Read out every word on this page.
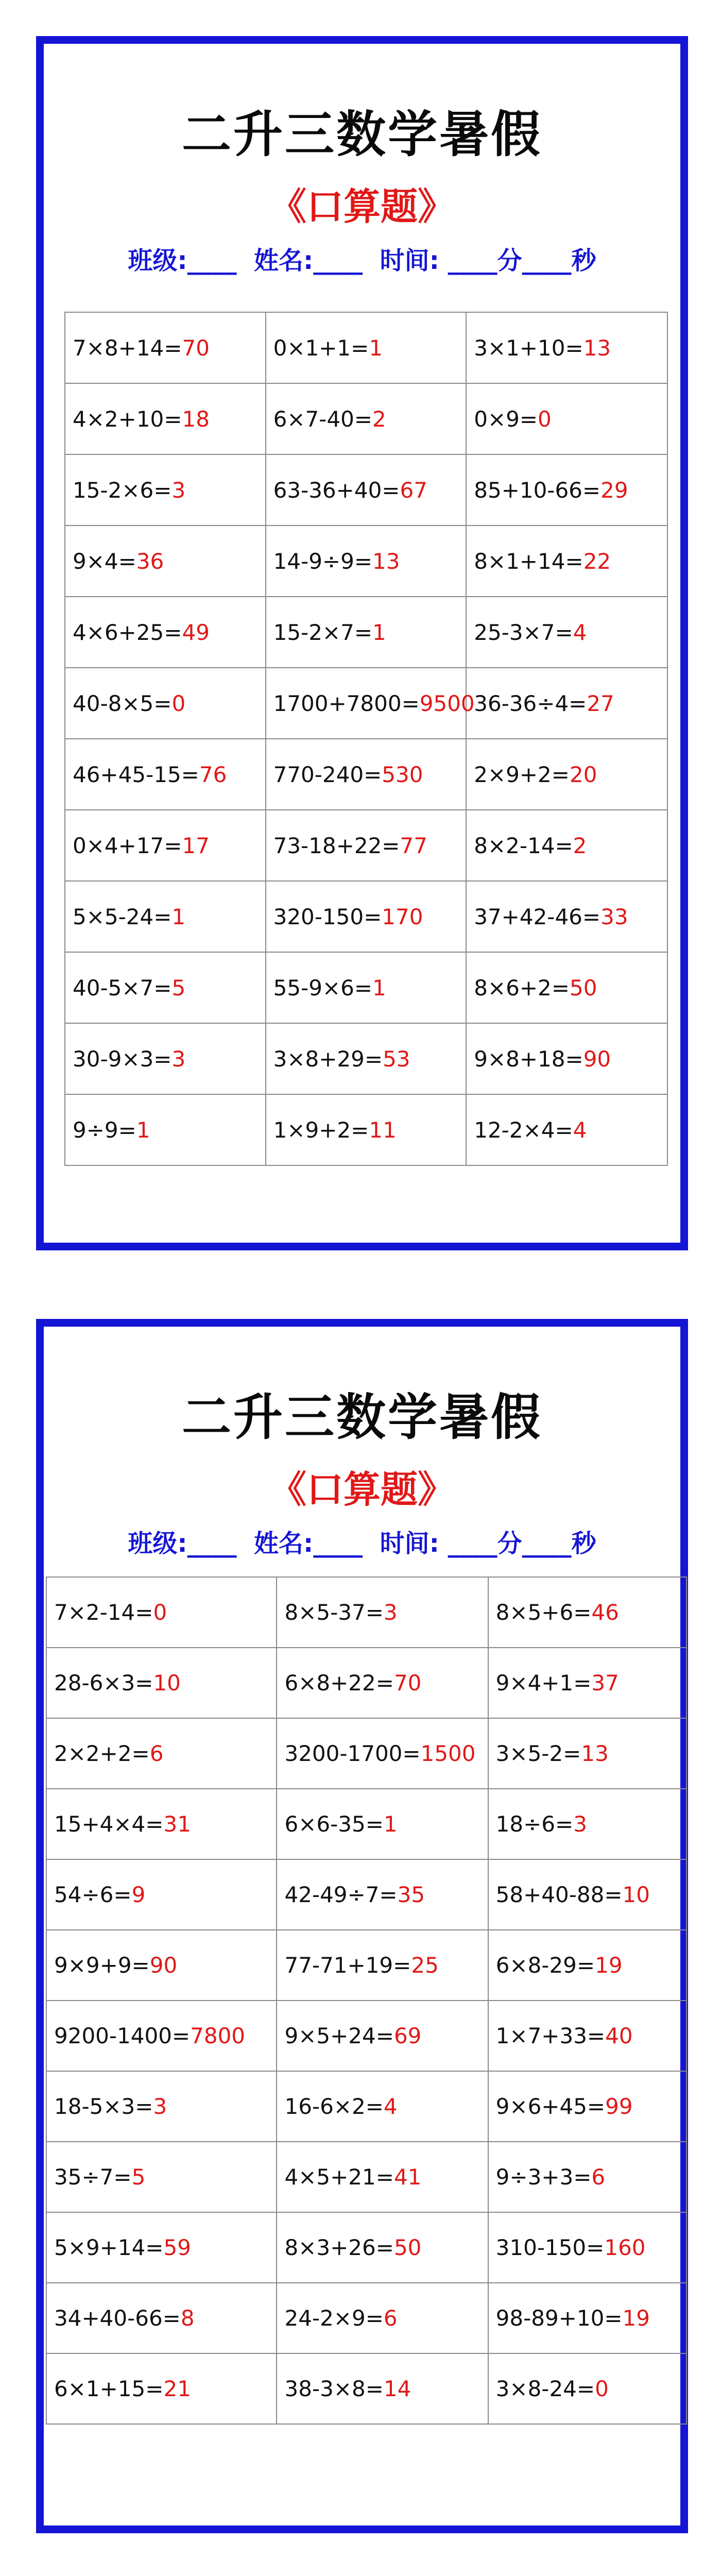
二升三数学暑假
《口算题》
班级:____  姓名:____  时间: ____分____秒
7×8+14=70	0×1+1=1	3×1+10=13
4×2+10=18	6×7-40=2	0×9=0
15-2×6=3	63-36+40=67	85+10-66=29
9×4=36	14-9÷9=13	8×1+14=22
4×6+25=49	15-2×7=1	25-3×7=4
40-8×5=0	1700+7800=9500	36-36÷4=27
46+45-15=76	770-240=530	2×9+2=20
0×4+17=17	73-18+22=77	8×2-14=2
5×5-24=1	320-150=170	37+42-46=33
40-5×7=5	55-9×6=1	8×6+2=50
30-9×3=3	3×8+29=53	9×8+18=90
9÷9=1	1×9+2=11	12-2×4=4
二升三数学暑假
《口算题》
班级:____  姓名:____  时间: ____分____秒
7×2-14=0	8×5-37=3	8×5+6=46
28-6×3=10	6×8+22=70	9×4+1=37
2×2+2=6	3200-1700=1500	3×5-2=13
15+4×4=31	6×6-35=1	18÷6=3
54÷6=9	42-49÷7=35	58+40-88=10
9×9+9=90	77-71+19=25	6×8-29=19
9200-1400=7800	9×5+24=69	1×7+33=40
18-5×3=3	16-6×2=4	9×6+45=99
35÷7=5	4×5+21=41	9÷3+3=6
5×9+14=59	8×3+26=50	310-150=160
34+40-66=8	24-2×9=6	98-89+10=19
6×1+15=21	38-3×8=14	3×8-24=0
